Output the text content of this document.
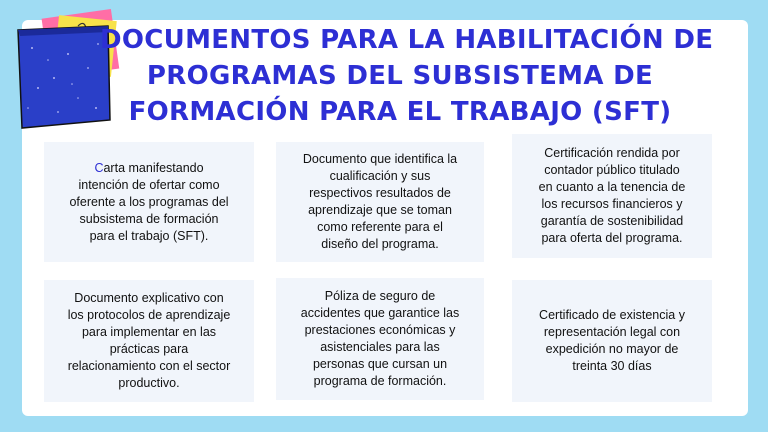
DOCUMENTOS PARA LA HABILITACIÓN DE
PROGRAMAS DEL SUBSISTEMA DE
FORMACIÓN PARA EL TRABAJO (SFT)

Carta manifestando
intención de ofertar como
oferente a los programas del
subsistema de formación
para el trabajo (SFT).

Documento que identifica la
cualificación y sus
respectivos resultados de
aprendizaje que se toman
como referente para el
diseño del programa.

Certificación rendida por
contador público titulado
en cuanto a la tenencia de
los recursos financieros y
garantía de sostenibilidad
para oferta del programa.

Documento explicativo con
los protocolos de aprendizaje
para implementar en las
prácticas para
relacionamiento con el sector
productivo.

Póliza de seguro de
accidentes que garantice las
prestaciones económicas y
asistenciales para las
personas que cursan un
programa de formación.

Certificado de existencia y
representación legal con
expedición no mayor de
treinta 30 días
